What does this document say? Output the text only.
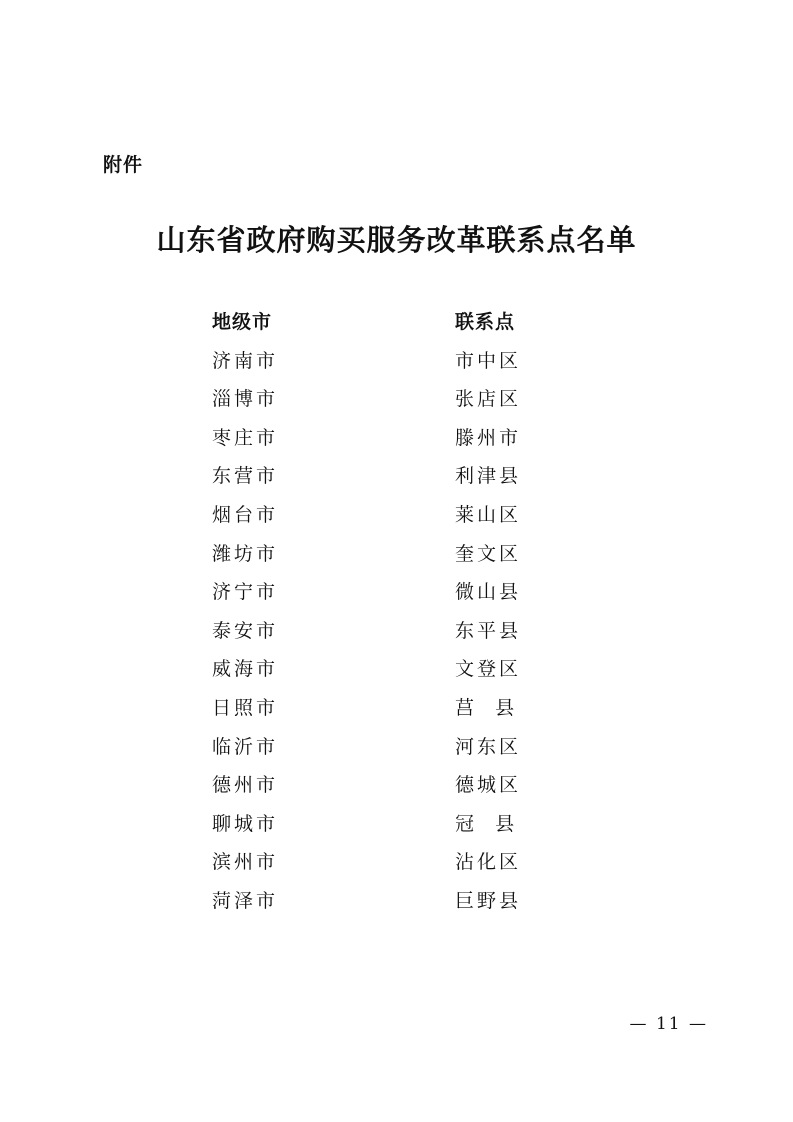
附件
山东省政府购买服务改革联系点名单
地级市	联系点
济南市	市中区
淄博市	张店区
枣庄市	滕州市
东营市	利津县
烟台市	莱山区
潍坊市	奎文区
济宁市	微山县
泰安市	东平县
威海市	文登区
日照市	莒  县
临沂市	河东区
德州市	德城区
聊城市	冠  县
滨州市	沾化区
菏泽市	巨野县
— 11 —
